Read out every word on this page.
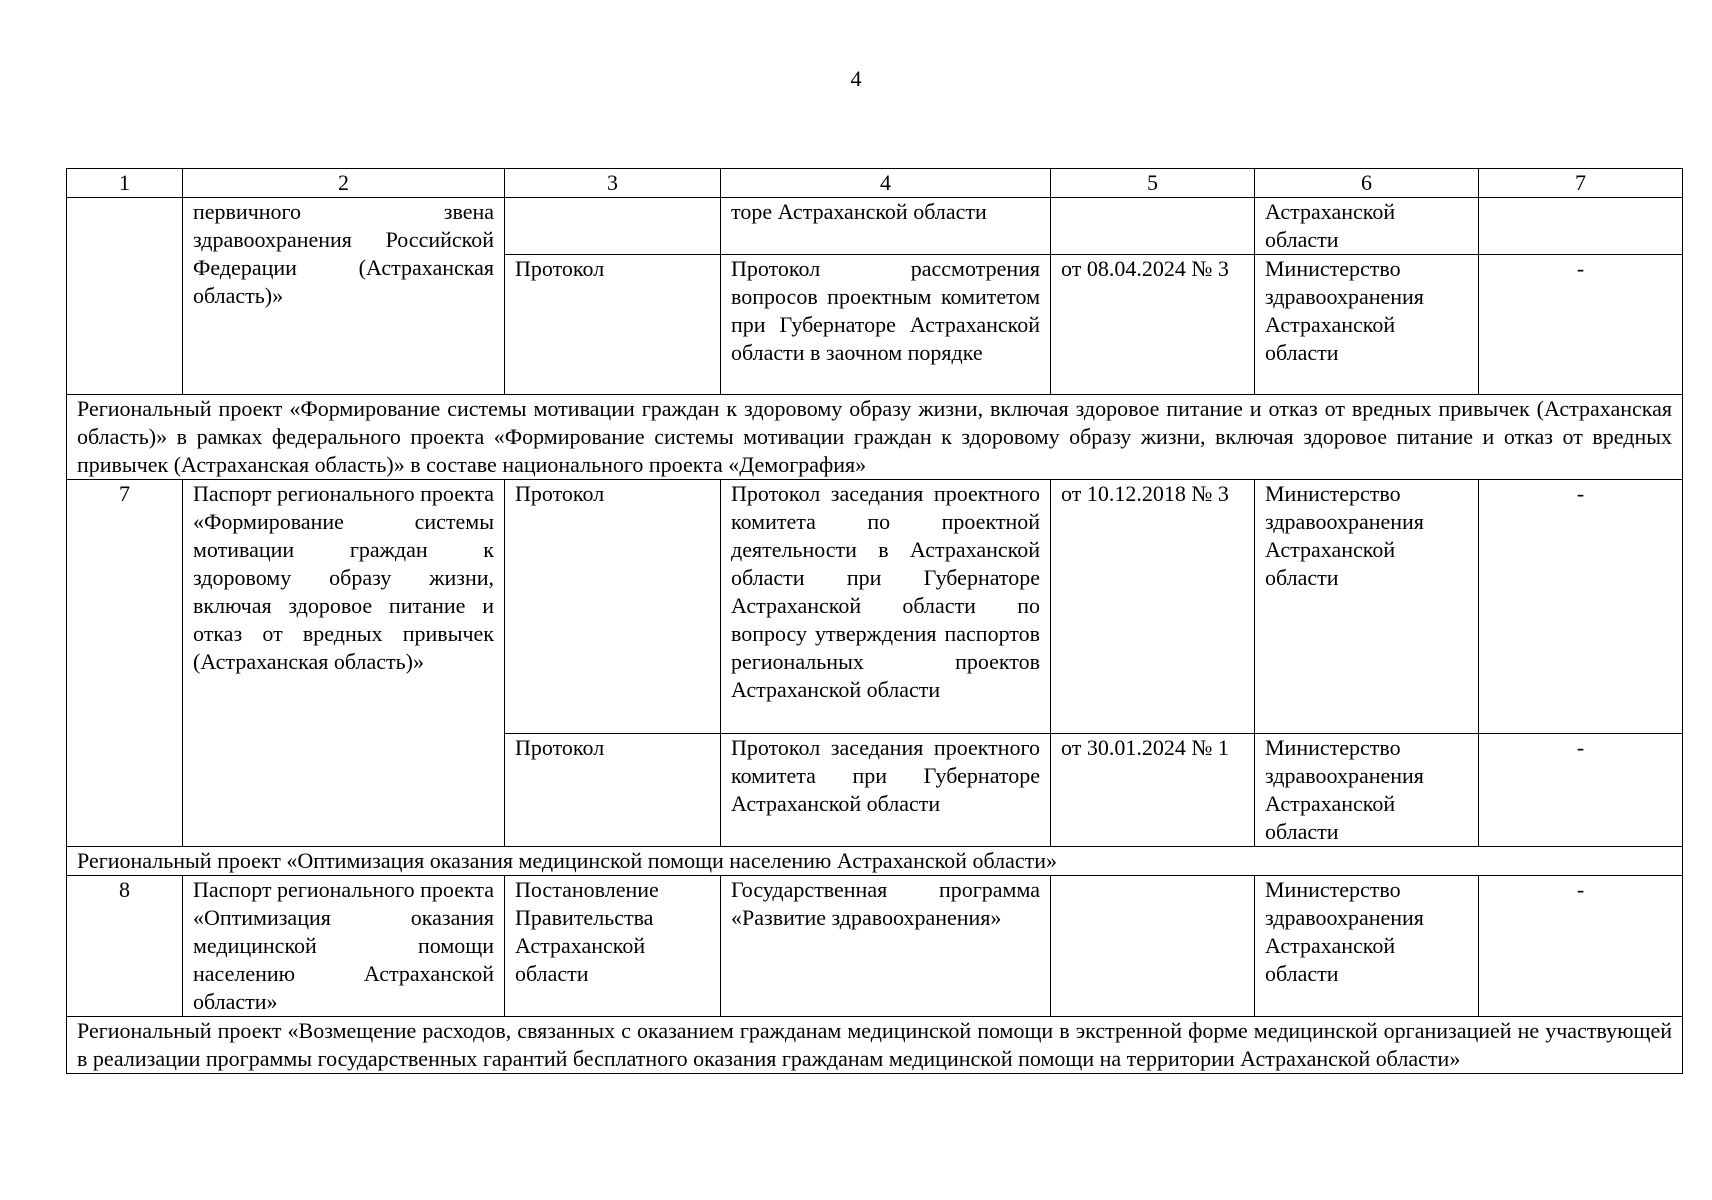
4
1	2	3	4	5	6	7
	первичного звена здравоохранения Российской Федерации (Астраханская область)»		торе Астраханской области		Астраханской области	
		Протокол	Протокол рассмотрения вопросов проектным комитетом при Губернаторе Астраханской области в заочном порядке	от 08.04.2024 № 3	Министерство здравоохранения Астраханской области	-
Региональный проект «Формирование системы мотивации граждан к здоровому образу жизни, включая здоровое питание и отказ от вредных привычек (Астраханская область)» в рамках федерального проекта «Формирование системы мотивации граждан к здоровому образу жизни, включая здоровое питание и отказ от вредных привычек (Астраханская область)» в составе национального проекта «Демография»						
7	Паспорт регионального проекта «Формирование системы мотивации граждан к здоровому образу жизни, включая здоровое питание и отказ от вредных привычек (Астраханская область)»	Протокол	Протокол заседания проектного комитета по проектной деятельности в Астраханской области при Губернаторе Астраханской области по вопросу утверждения паспортов региональных проектов Астраханской области	от 10.12.2018 № 3	Министерство здравоохранения Астраханской области	-
		Протокол	Протокол заседания проектного комитета при Губернаторе Астраханской области	от 30.01.2024 № 1	Министерство здравоохранения Астраханской области	-
Региональный проект «Оптимизация оказания медицинской помощи населению Астраханской области»						
8	Паспорт регионального проекта «Оптимизация оказания медицинской помощи населению Астраханской области»	Постановление Правительства Астраханской области	Государственная программа «Развитие здравоохранения»		Министерство здравоохранения Астраханской области	-
Региональный проект «Возмещение расходов, связанных с оказанием гражданам медицинской помощи в экстренной форме медицинской организацией не участвующей в реализации программы государственных гарантий бесплатного оказания гражданам медицинской помощи на территории Астраханской области»						
